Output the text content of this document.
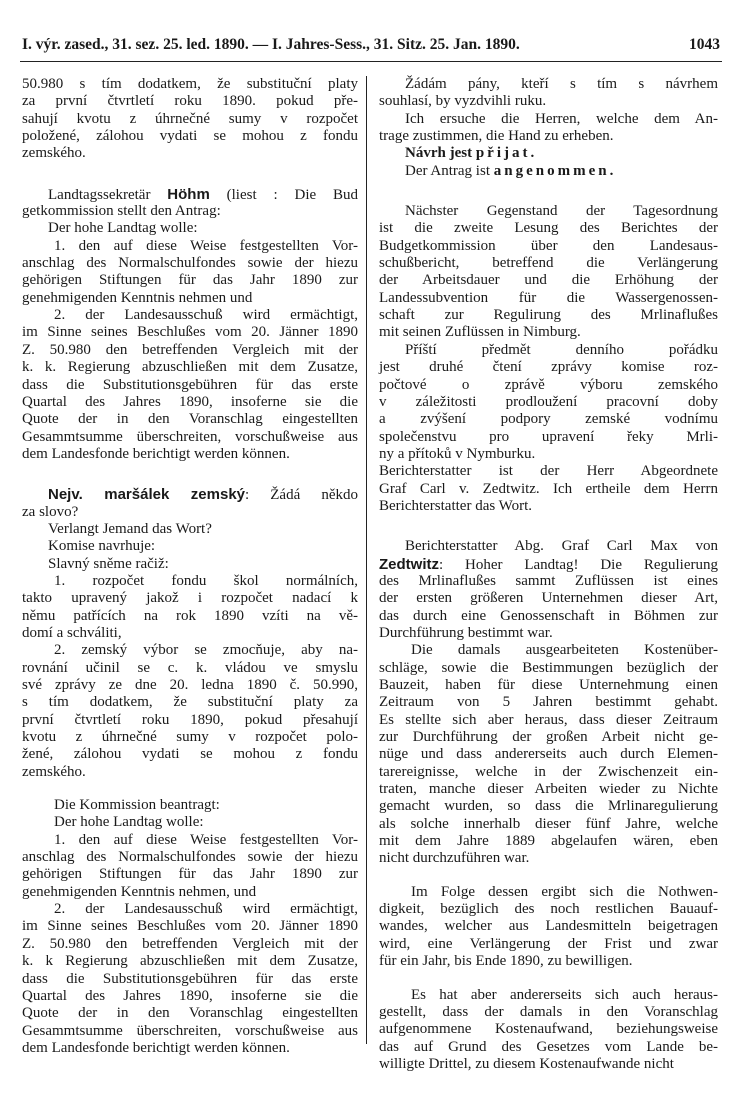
I. výr. zased., 31. sez. 25. led. 1890. — I. Jahres-Sess., 31. Sitz. 25. Jan. 1890.	1043
50.980 s tím dodatkem, že substituční platy
za první čtvrtletí roku 1890. pokud pře-
sahují kvotu z úhrnečné sumy v rozpočet
položené, zálohou vydati se mohou z fondu
zemského.
Landtagssekretär Höhm (liest : Die Bud
getkommission stellt den Antrag:
Der hohe Landtag wolle:
1. den auf diese Weise festgestellten Vor-
anschlag des Normalschulfondes sowie der hiezu
gehörigen Stiftungen für das Jahr 1890 zur
genehmigenden Kenntnis nehmen und
2. der Landesausschuß wird ermächtigt,
im Sinne seines Beschlußes vom 20. Jänner 1890
Z. 50.980 den betreffenden Vergleich mit der
k. k. Regierung abzuschließen mit dem Zusatze,
dass die Substitutionsgebühren für das erste
Quartal des Jahres 1890, insoferne sie die
Quote der in den Voranschlag eingestellten
Gesammtsumme überschreiten, vorschußweise aus
dem Landesfonde berichtigt werden können.
Nejv. maršálek zemský: Žádá někdo
za slovo?
Verlangt Jemand das Wort?
Komise navrhuje:
Slavný sněme račiž:
1. rozpočet fondu škol normálních,
takto upravený jakož i rozpočet nadací k
němu patřících na rok 1890 vzíti na vě-
domí a schváliti,
2. zemský výbor se zmocňuje, aby na-
rovnání učinil se c. k. vládou ve smyslu
své zprávy ze dne 20. ledna 1890 č. 50.990,
s tím dodatkem, že substituční platy za
první čtvrtletí roku 1890, pokud přesahují
kvotu z úhrnečné sumy v rozpočet polo-
žené, zálohou vydati se mohou z fondu
zemského.
Die Kommission beantragt:
Der hohe Landtag wolle:
1. den auf diese Weise festgestellten Vor-
anschlag des Normalschulfondes sowie der hiezu
gehörigen Stiftungen für das Jahr 1890 zur
genehmigenden Kenntnis nehmen, und
2. der Landesausschuß wird ermächtigt,
im Sinne seines Beschlußes vom 20. Jänner 1890
Z. 50.980 den betreffenden Vergleich mit der
k. k Regierung abzuschließen mit dem Zusatze,
dass die Substitutionsgebühren für das erste
Quartal des Jahres 1890, insoferne sie die
Quote der in den Voranschlag eingestellten
Gesammtsumme überschreiten, vorschußweise aus
dem Landesfonde berichtigt werden können.
Žádám pány, kteří s tím s návrhem
souhlasí, by vyzdvihli ruku.
Ich ersuche die Herren, welche dem An-
trage zustimmen, die Hand zu erheben.
Návrh jest přijat.
Der Antrag ist angenommen.
Nächster Gegenstand der Tagesordnung
ist die zweite Lesung des Berichtes der
Budgetkommission über den Landesaus-
schußbericht, betreffend die Verlängerung
der Arbeitsdauer und die Erhöhung der
Landessubvention für die Wassergenossen-
schaft zur Regulirung des Mrlinaflußes
mit seinen Zuflüssen in Nimburg.
Příští předmět denního pořádku
jest druhé čtení zprávy komise roz-
počtové o zprávě výboru zemského
v záležitosti prodloužení pracovní doby
a zvýšení podpory zemské vodnímu
společenstvu pro upravení řeky Mrli-
ny a přítoků v Nymburku.
Berichterstatter ist der Herr Abgeordnete
Graf Carl v. Zedtwitz. Ich ertheile dem Herrn
Berichterstatter das Wort.
Berichterstatter Abg. Graf Carl Max von
Zedtwitz: Hoher Landtag! Die Regulierung
des Mrlinaflußes sammt Zuflüssen ist eines
der ersten größeren Unternehmen dieser Art,
das durch eine Genossenschaft in Böhmen zur
Durchführung bestimmt war.
Die damals ausgearbeiteten Kostenüber-
schläge, sowie die Bestimmungen bezüglich der
Bauzeit, haben für diese Unternehmung einen
Zeitraum von 5 Jahren bestimmt gehabt.
Es stellte sich aber heraus, dass dieser Zeitraum
zur Durchführung der großen Arbeit nicht ge-
nüge und dass andererseits auch durch Elemen-
tarereignisse, welche in der Zwischenzeit ein-
traten, manche dieser Arbeiten wieder zu Nichte
gemacht wurden, so dass die Mrlinaregulierung
als solche innerhalb dieser fünf Jahre, welche
mit dem Jahre 1889 abgelaufen wären, eben
nicht durchzuführen war.
Im Folge dessen ergibt sich die Nothwen-
digkeit, bezüglich des noch restlichen Bauauf-
wandes, welcher aus Landesmitteln beigetragen
wird, eine Verlängerung der Frist und zwar
für ein Jahr, bis Ende 1890, zu bewilligen.
Es hat aber andererseits sich auch heraus-
gestellt, dass der damals in den Voranschlag
aufgenommene Kostenaufwand, beziehungsweise
das auf Grund des Gesetzes vom Lande be-
willigte Drittel, zu diesem Kostenaufwande nicht
